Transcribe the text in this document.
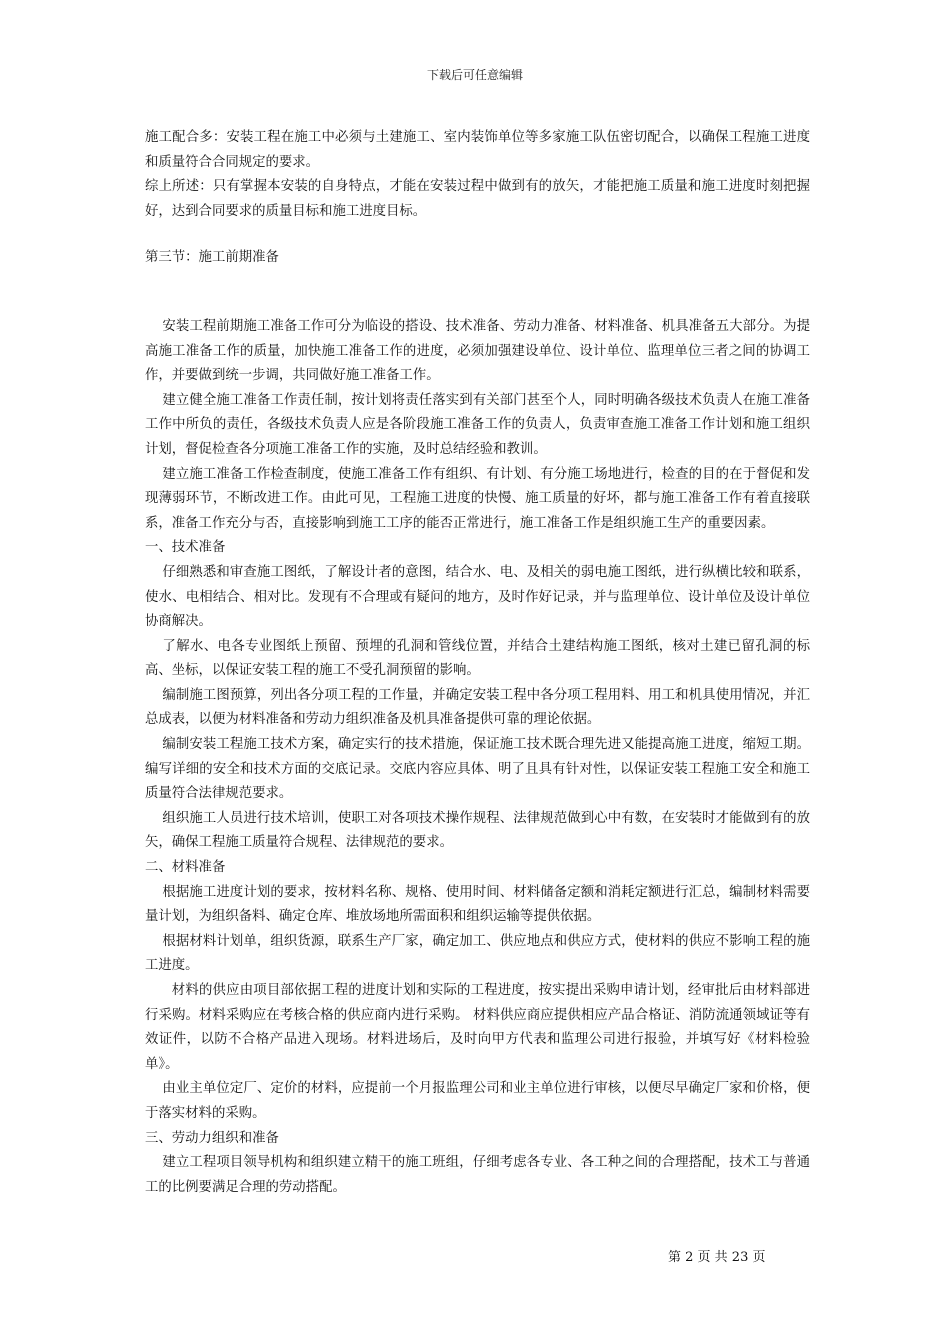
下载后可任意编辑

施工配合多：安装工程在施工中必须与土建施工、室内装饰单位等多家施工队伍密切配合，以确保工程施工进度和质量符合合同规定的要求。

综上所述：只有掌握本安装的自身特点，才能在安装过程中做到有的放矢，才能把施工质量和施工进度时刻把握好，达到合同要求的质量目标和施工进度目标。

第三节：施工前期准备

安装工程前期施工准备工作可分为临设的搭设、技术准备、劳动力准备、材料准备、机具准备五大部分。为提高施工准备工作的质量，加快施工准备工作的进度，必须加强建设单位、设计单位、监理单位三者之间的协调工作，并要做到统一步调，共同做好施工准备工作。

建立健全施工准备工作责任制，按计划将责任落实到有关部门甚至个人，同时明确各级技术负责人在施工准备工作中所负的责任，各级技术负责人应是各阶段施工准备工作的负责人，负责审查施工准备工作计划和施工组织计划，督促检查各分项施工准备工作的实施，及时总结经验和教训。

建立施工准备工作检查制度，使施工准备工作有组织、有计划、有分施工场地进行，检查的目的在于督促和发现薄弱环节，不断改进工作。由此可见，工程施工进度的快慢、施工质量的好坏，都与施工准备工作有着直接联系，准备工作充分与否，直接影响到施工工序的能否正常进行，施工准备工作是组织施工生产的重要因素。

一、技术准备

仔细熟悉和审查施工图纸，了解设计者的意图，结合水、电、及相关的弱电施工图纸，进行纵横比较和联系，使水、电相结合、相对比。发现有不合理或有疑问的地方，及时作好记录，并与监理单位、设计单位及设计单位协商解决。

了解水、电各专业图纸上预留、预埋的孔洞和管线位置，并结合土建结构施工图纸，核对土建已留孔洞的标高、坐标，以保证安装工程的施工不受孔洞预留的影响。

编制施工图预算，列出各分项工程的工作量，并确定安装工程中各分项工程用料、用工和机具使用情况，并汇总成表，以便为材料准备和劳动力组织准备及机具准备提供可靠的理论依据。

编制安装工程施工技术方案，确定实行的技术措施，保证施工技术既合理先进又能提高施工进度，缩短工期。编写详细的安全和技术方面的交底记录。交底内容应具体、明了且具有针对性，以保证安装工程施工安全和施工质量符合法律规范要求。

组织施工人员进行技术培训，使职工对各项技术操作规程、法律规范做到心中有数，在安装时才能做到有的放矢，确保工程施工质量符合规程、法律规范的要求。

二、材料准备

根据施工进度计划的要求，按材料名称、规格、使用时间、材料储备定额和消耗定额进行汇总，编制材料需要量计划，为组织备料、确定仓库、堆放场地所需面积和组织运输等提供依据。

根据材料计划单，组织货源，联系生产厂家，确定加工、供应地点和供应方式，使材料的供应不影响工程的施工进度。

材料的供应由项目部依据工程的进度计划和实际的工程进度，按实提出采购申请计划，经审批后由材料部进行采购。材料采购应在考核合格的供应商内进行采购。 材料供应商应提供相应产品合格证、消防流通领域证等有效证件，以防不合格产品进入现场。材料进场后，及时向甲方代表和监理公司进行报验，并填写好《材料检验单》。

由业主单位定厂、定价的材料，应提前一个月报监理公司和业主单位进行审核，以便尽早确定厂家和价格，便于落实材料的采购。

三、劳动力组织和准备

建立工程项目领导机构和组织建立精干的施工班组，仔细考虑各专业、各工种之间的合理搭配，技术工与普通工的比例要满足合理的劳动搭配。

第 2 页 共 23 页
